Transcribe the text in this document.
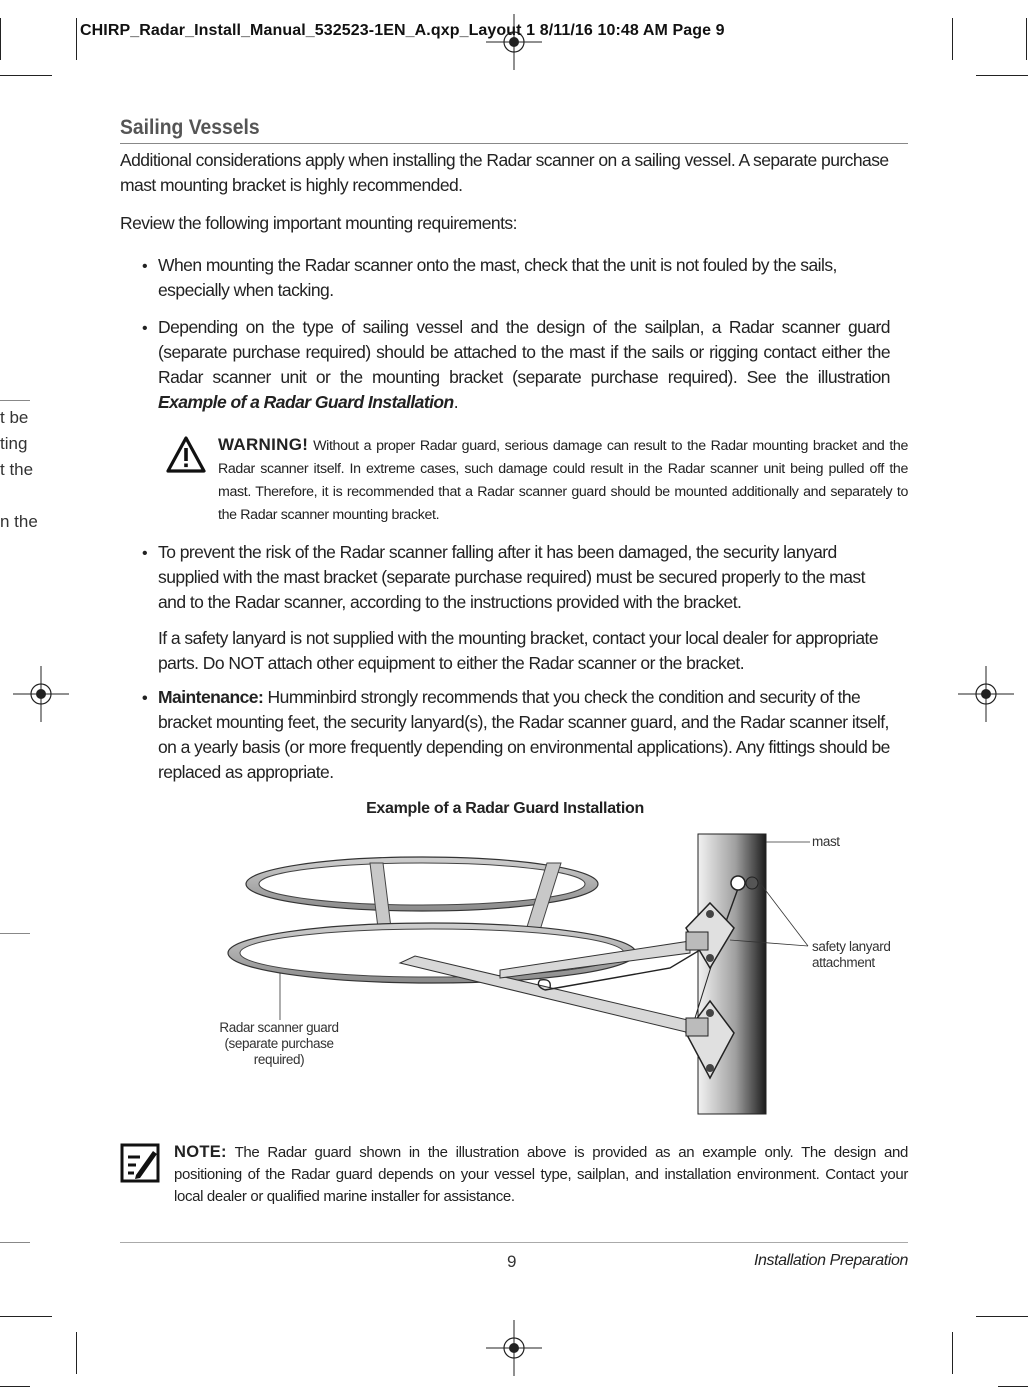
t be
ting
t the
n the
CHIRP_Radar_Install_Manual_532523-1EN_A.qxp_Layout 1 8/11/16 10:48 AM Page 9
Sailing Vessels
Additional considerations apply when installing the Radar scanner on a sailing vessel. A separate purchase mast mounting bracket is highly recommended.
Review the following important mounting requirements:
• When mounting the Radar scanner onto the mast, check that the unit is not fouled by the sails, especially when tacking.
• Depending on the type of sailing vessel and the design of the sailplan, a Radar scanner guard (separate purchase required) should be attached to the mast if the sails or rigging contact either the Radar scanner unit or the mounting bracket (separate purchase required). See the illustration Example of a Radar Guard Installation.
WARNING! Without a proper Radar guard, serious damage can result to the Radar mounting bracket and the Radar scanner itself. In extreme cases, such damage could result in the Radar scanner unit being pulled off the mast. Therefore, it is recommended that a Radar scanner guard should be mounted additionally and separately to the Radar scanner mounting bracket.
• To prevent the risk of the Radar scanner falling after it has been damaged, the security lanyard supplied with the mast bracket (separate purchase required) must be secured properly to the mast and to the Radar scanner, according to the instructions provided with the bracket.
If a safety lanyard is not supplied with the mounting bracket, contact your local dealer for appropriate parts. Do NOT attach other equipment to either the Radar scanner or the bracket.
• Maintenance: Humminbird strongly recommends that you check the condition and security of the bracket mounting feet, the security lanyard(s), the Radar scanner guard, and the Radar scanner itself, on a yearly basis (or more frequently depending on environmental applications). Any fittings should be replaced as appropriate.
Example of a Radar Guard Installation
mast
safety lanyard
attachment
Radar scanner guard
(separate purchase required)
NOTE: The Radar guard shown in the illustration above is provided as an example only. The design and positioning of the Radar guard depends on your vessel type, sailplan, and installation environment. Contact your local dealer or qualified marine installer for assistance.
9	Installation Preparation
